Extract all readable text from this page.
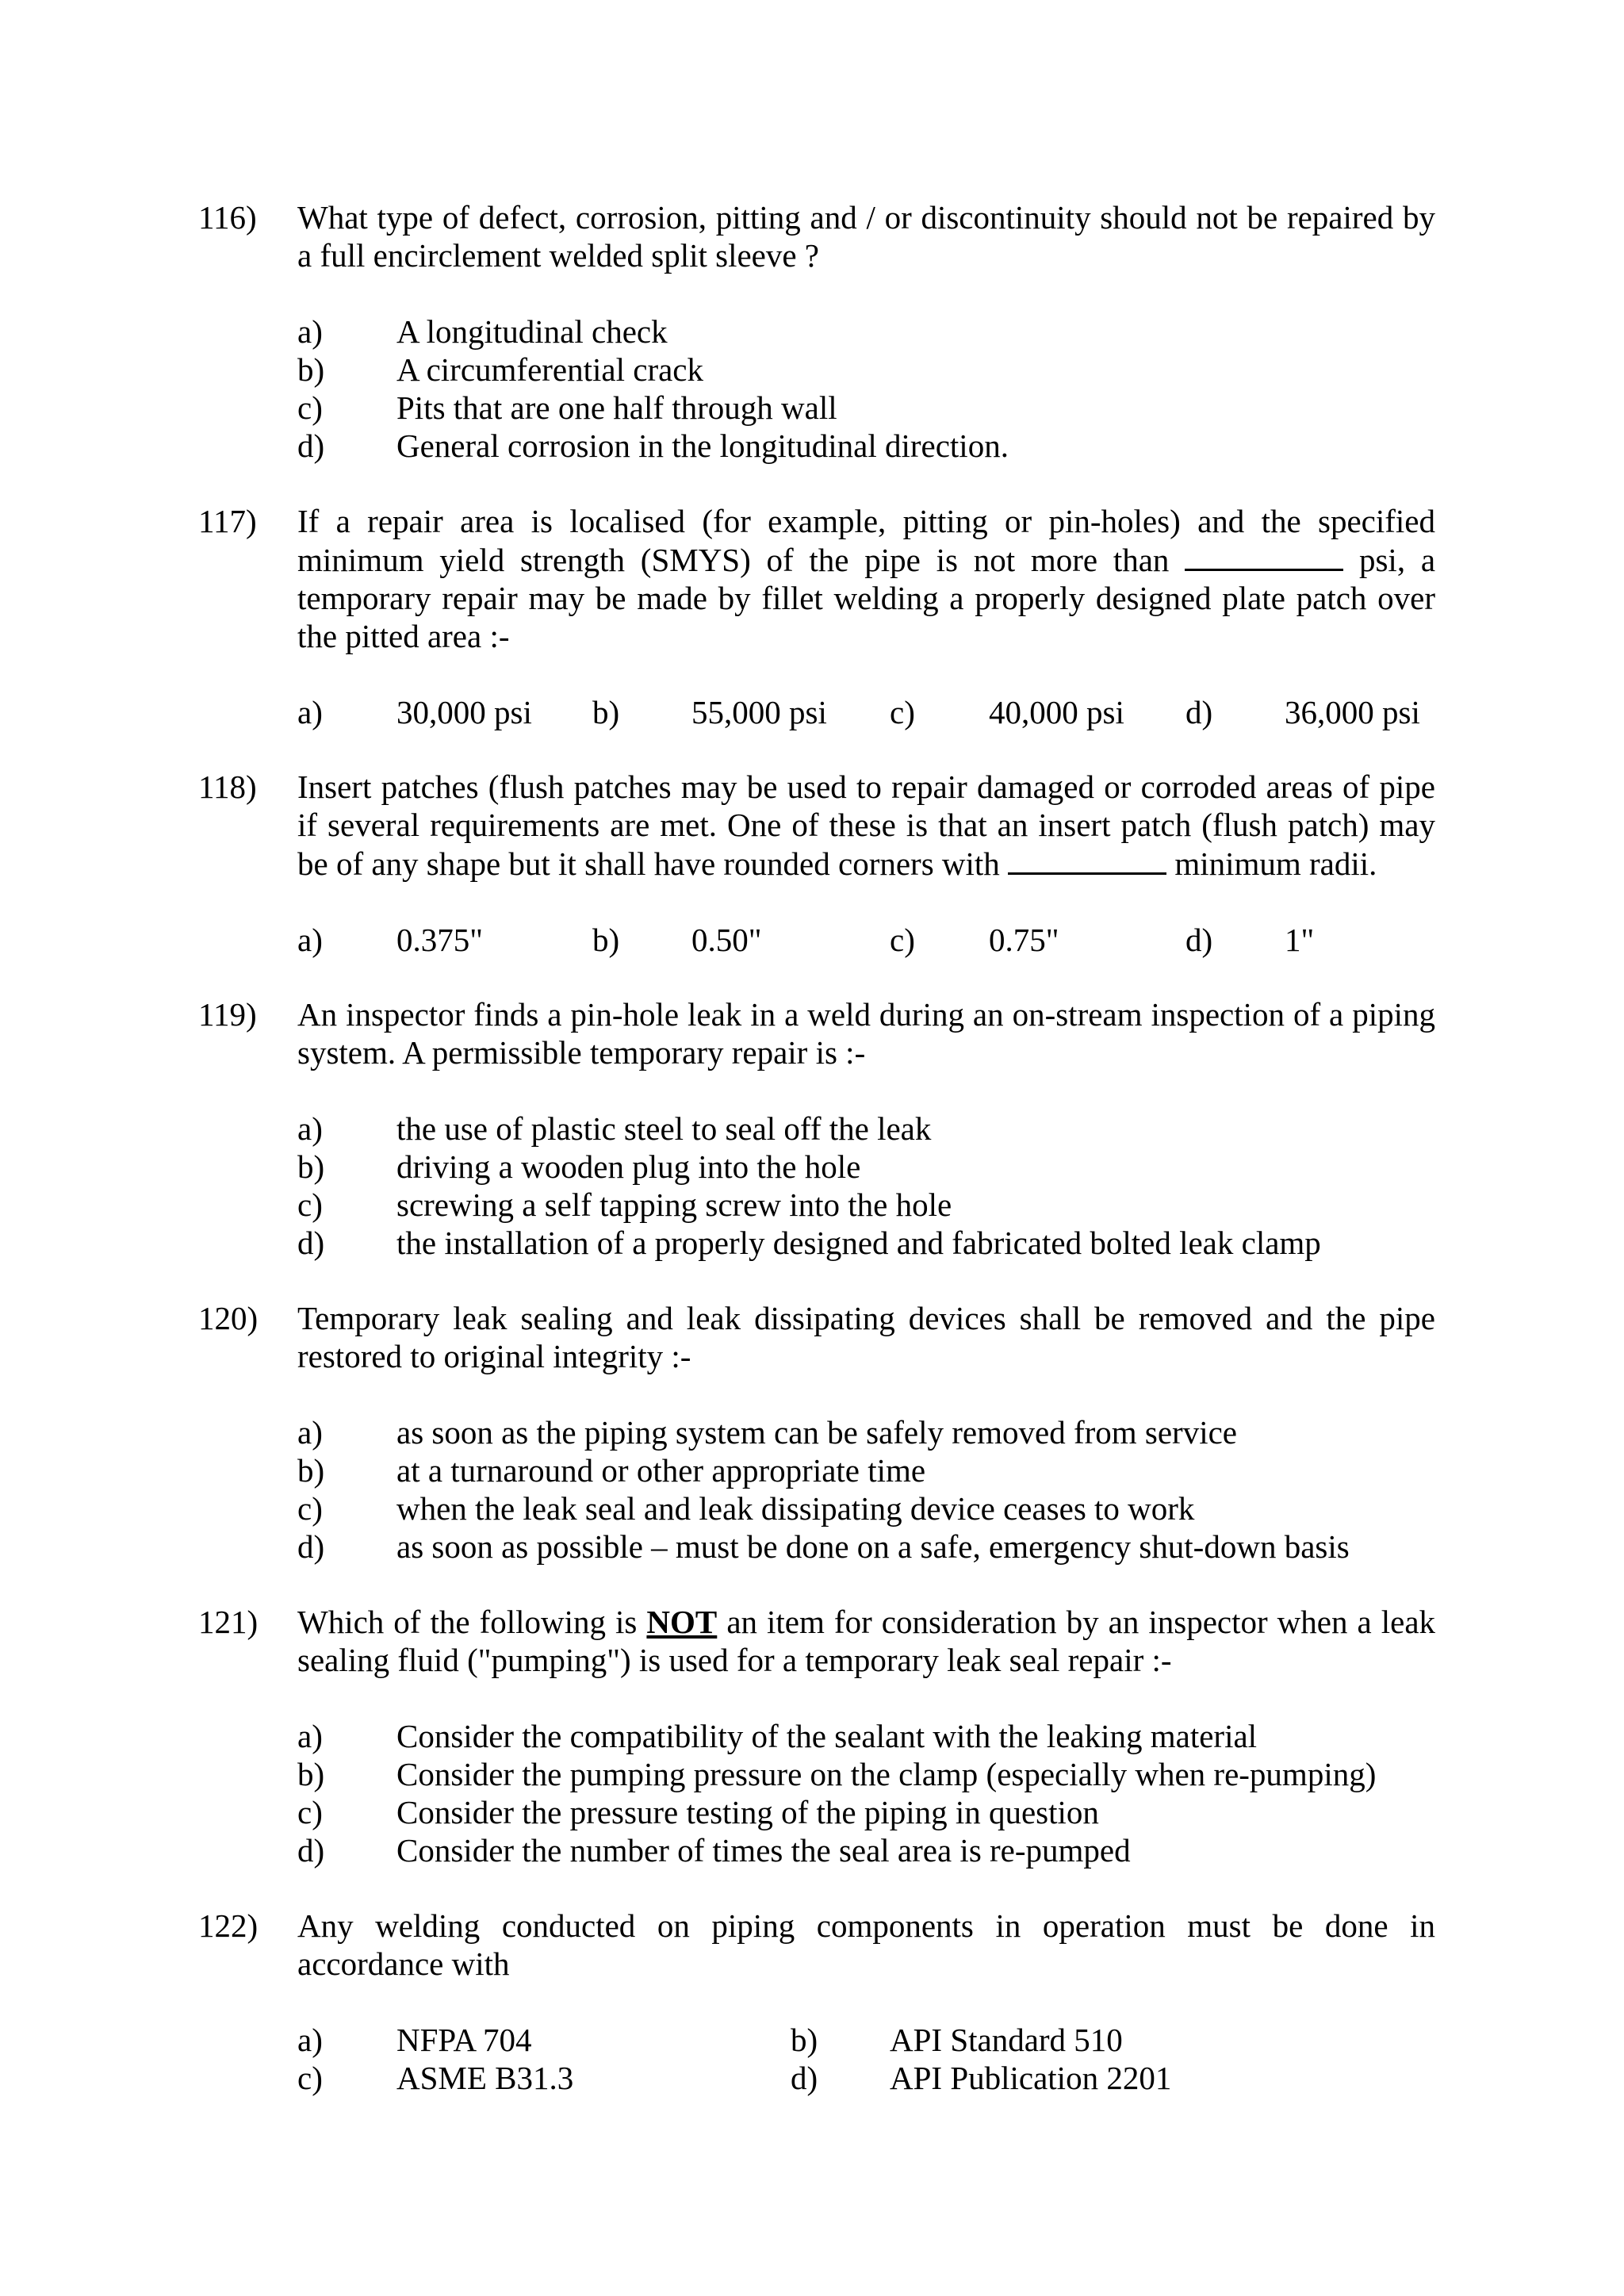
116)	What type of defect, corrosion, pitting and / or discontinuity should not be repaired by a full encirclement welded split sleeve ?
a)	A longitudinal check
b)	A circumferential crack
c)	Pits that are one half through wall
d)	General corrosion in the longitudinal direction.
117)	If a repair area is localised (for example, pitting or pin-holes) and the specified minimum yield strength (SMYS) of the pipe is not more than	psi, a temporary repair may be made by fillet welding a properly designed plate patch over the pitted area :-
a) 30,000 psi b) 55,000 psi c) 40,000 psi d) 36,000 psi
118)	Insert patches (flush patches may be used to repair damaged or corroded areas of pipe if several requirements are met. One of these is that an insert patch (flush patch) may be of any shape but it shall have rounded corners with	minimum radii.
a) 0.375"	b) 0.50"	c) 0.75"	d) 1"
119)	An inspector finds a pin-hole leak in a weld during an on-stream inspection of a piping system. A permissible temporary repair is :-
a)	the use of plastic steel to seal off the leak
b)	driving a wooden plug into the hole
c)	screwing a self tapping screw into the hole
d)	the installation of a properly designed and fabricated bolted leak clamp
120)	Temporary leak sealing and leak dissipating devices shall be removed and the pipe restored to original integrity :-
a)	as soon as the piping system can be safely removed from service
b)	at a turnaround or other appropriate time
c)	when the leak seal and leak dissipating device ceases to work
d)	as soon as possible – must be done on a safe, emergency shut-down basis
121)	Which of the following is NOT an item for consideration by an inspector when a leak sealing fluid ("pumping") is used for a temporary leak seal repair :-
a)	Consider the compatibility of the sealant with the leaking material
b)	Consider the pumping pressure on the clamp (especially when re-pumping)
c)	Consider the pressure testing of the piping in question
d)	Consider the number of times the seal area is re-pumped
122)	Any welding conducted on piping components in operation must be done in accordance with
a) NFPA 704	b) API Standard 510
c) ASME B31.3	d) API Publication 2201
